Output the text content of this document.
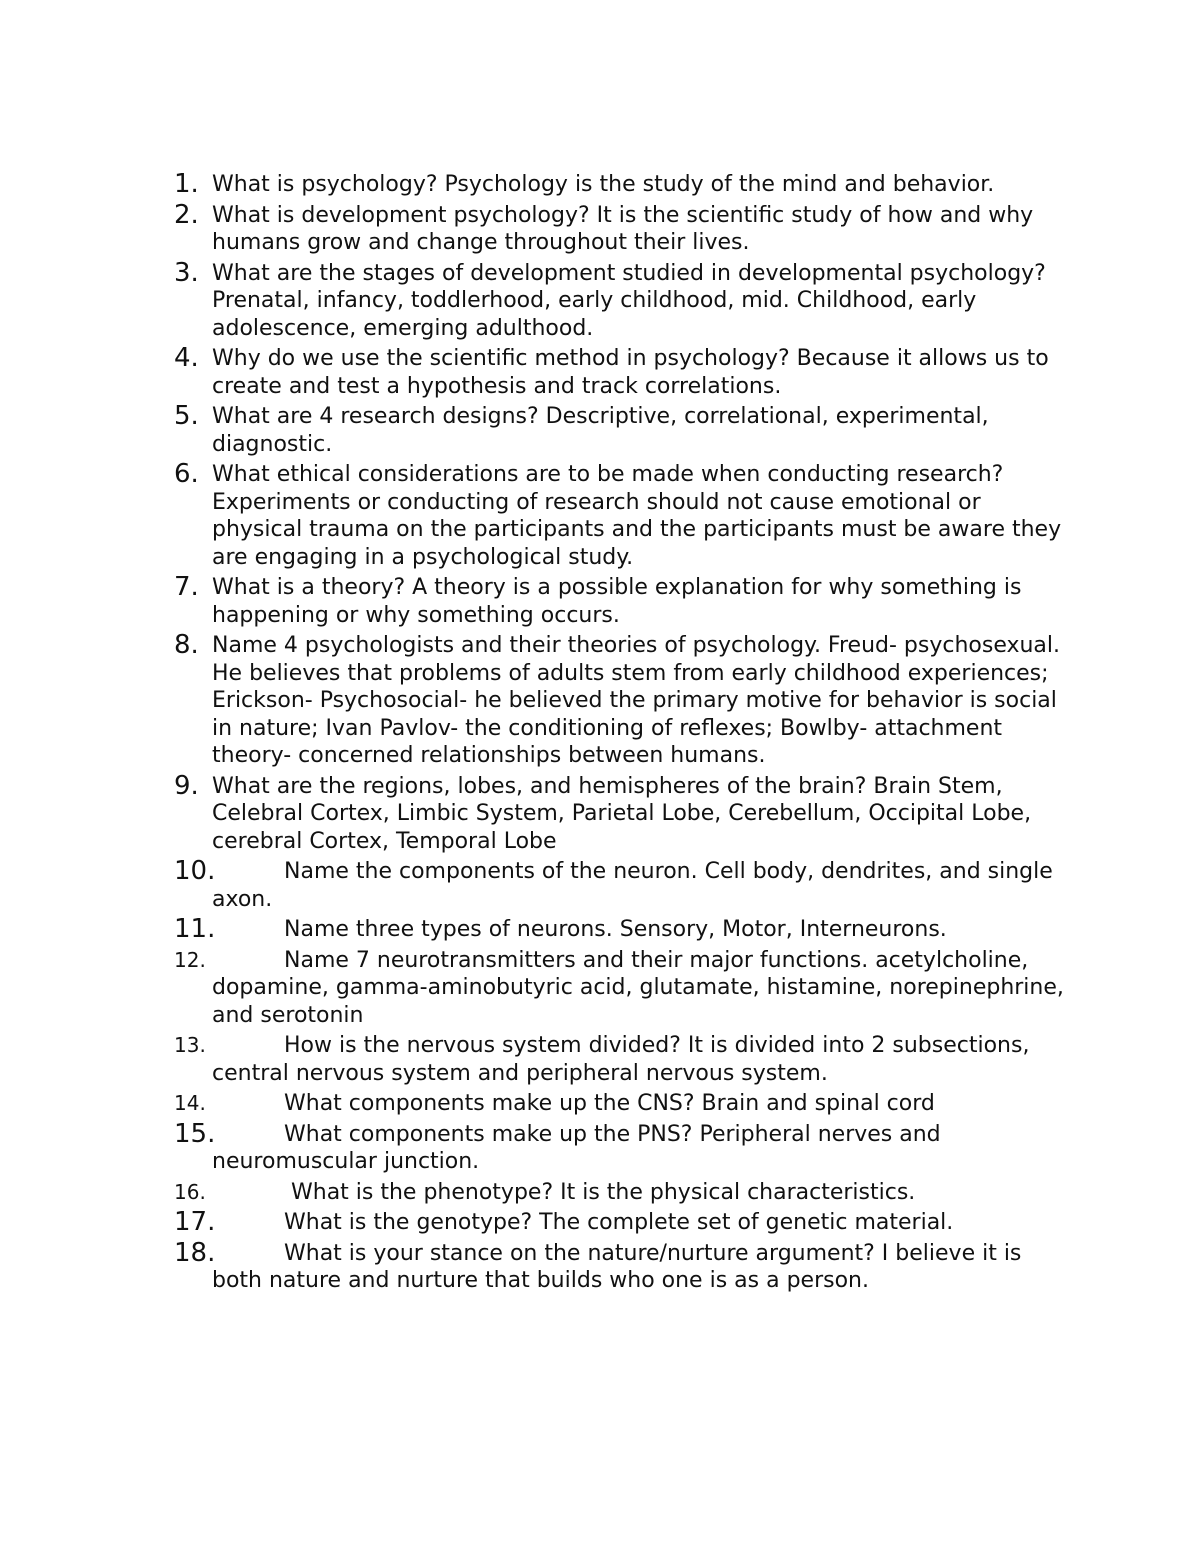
1. What is psychology? Psychology is the study of the mind and behavior.
2. What is development psychology? It is the scientific study of how and why humans grow and change throughout their lives.
3. What are the stages of development studied in developmental psychology? Prenatal, infancy, toddlerhood, early childhood, mid. Childhood, early adolescence, emerging adulthood.
4. Why do we use the scientific method in psychology? Because it allows us to create and test a hypothesis and track correlations.
5. What are 4 research designs? Descriptive, correlational, experimental, diagnostic.
6. What ethical considerations are to be made when conducting research? Experiments or conducting of research should not cause emotional or physical trauma on the participants and the participants must be aware they are engaging in a psychological study.
7. What is a theory? A theory is a possible explanation for why something is happening or why something occurs.
8. Name 4 psychologists and their theories of psychology. Freud- psychosexual. He believes that problems of adults stem from early childhood experiences; Erickson- Psychosocial- he believed the primary motive for behavior is social in nature; Ivan Pavlov- the conditioning of reflexes; Bowlby- attachment theory- concerned relationships between humans.
9. What are the regions, lobes, and hemispheres of the brain? Brain Stem, Celebral Cortex, Limbic System, Parietal Lobe, Cerebellum, Occipital Lobe, cerebral Cortex, Temporal Lobe
10.	Name the components of the neuron. Cell body, dendrites, and single axon.
11.	Name three types of neurons. Sensory, Motor, Interneurons.
12.	Name 7 neurotransmitters and their major functions. acetylcholine, dopamine, gamma-aminobutyric acid, glutamate, histamine, norepinephrine, and serotonin
13.	How is the nervous system divided? It is divided into 2 subsections, central nervous system and peripheral nervous system.
14.	What components make up the CNS? Brain and spinal cord
15.	What components make up the PNS? Peripheral nerves and neuromuscular junction.
16.	What is the phenotype? It is the physical characteristics.
17.	What is the genotype? The complete set of genetic material.
18.	What is your stance on the nature/nurture argument? I believe it is both nature and nurture that builds who one is as a person.
